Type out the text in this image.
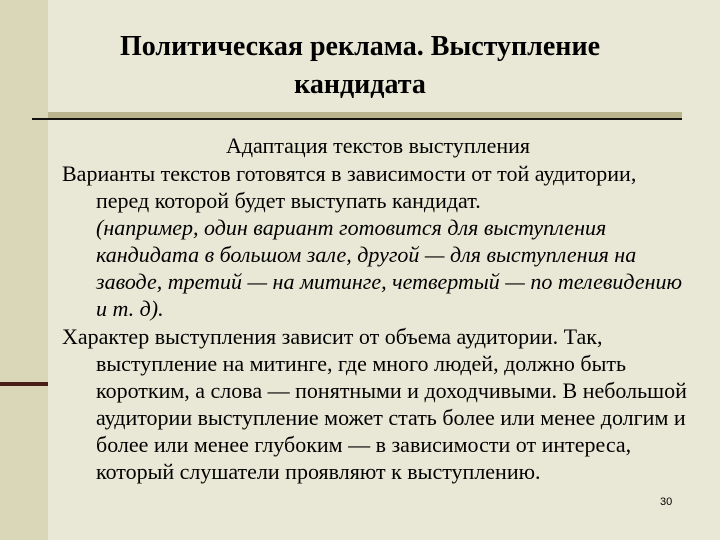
Политическая реклама. Выступление кандидата
Адаптация текстов выступления
Варианты текстов готовятся в зависимости от той аудитории, перед которой будет выступать кандидат.
(например, один вариант готовится для выступления кандидата в большом зале, другой — для выступления на заводе, третий — на митинге, четвертый — по телевидению и т. д).
Характер выступления зависит от объема аудитории. Так, выступление на митинге, где много людей, должно быть коротким, а слова — понятными и доходчивыми. В небольшой аудитории выступление может стать более или менее долгим и более или менее глубоким — в зависимости от интереса, который слушатели проявляют к выступлению.
30
